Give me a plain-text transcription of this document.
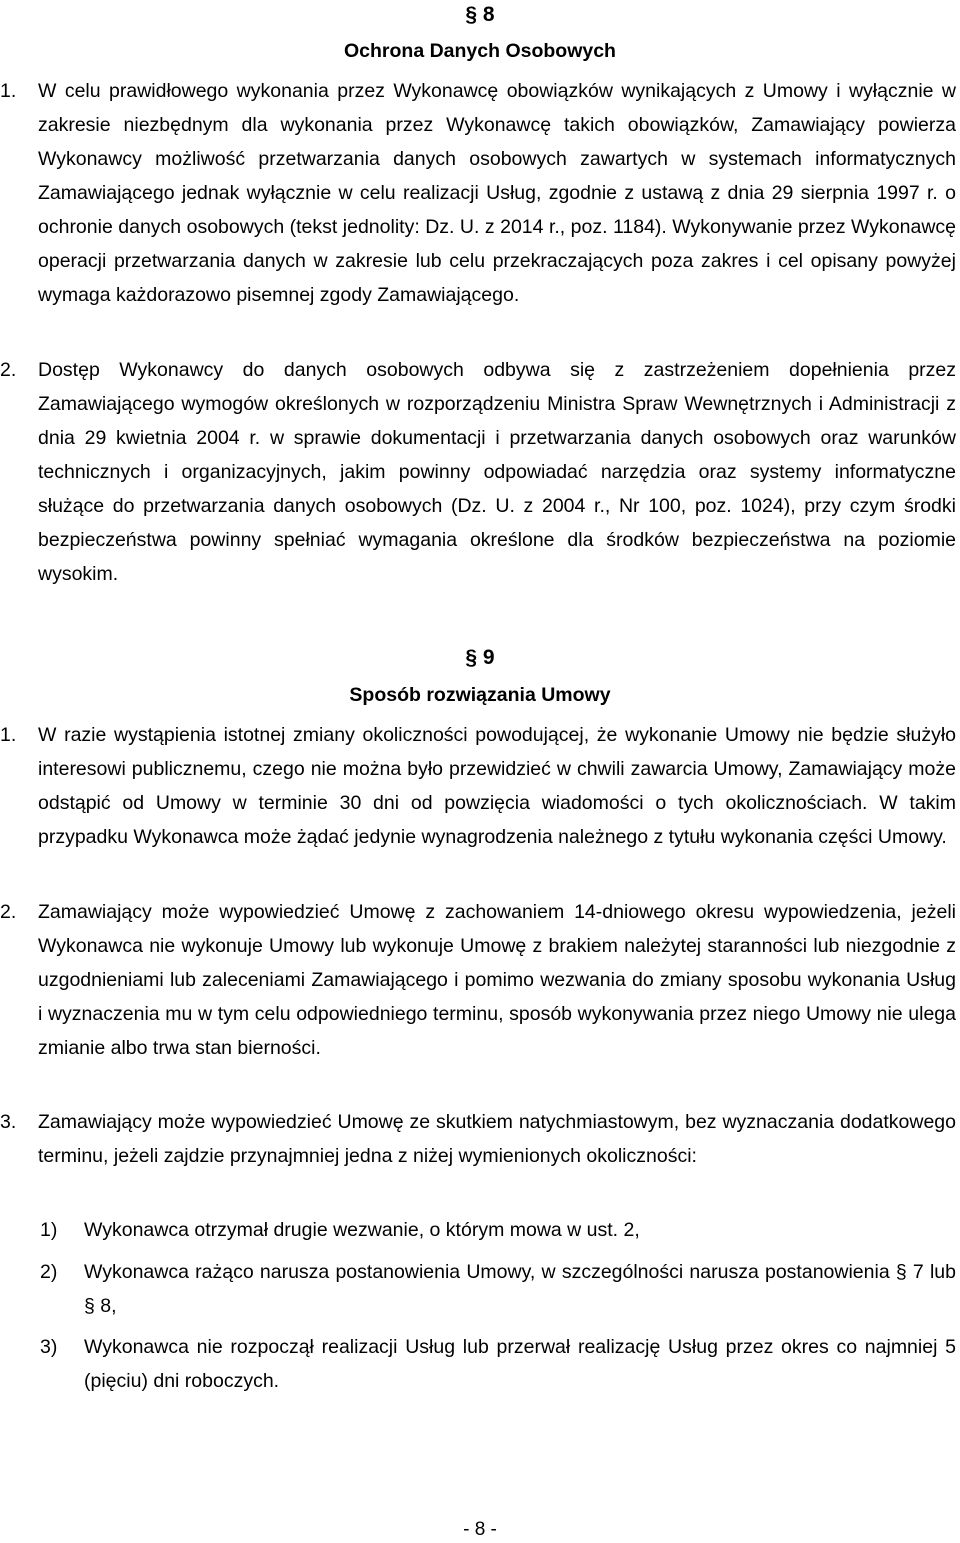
§ 8
Ochrona Danych Osobowych
1. W celu prawidłowego wykonania przez Wykonawcę obowiązków wynikających z Umowy i wyłącznie w zakresie niezbędnym dla wykonania przez Wykonawcę takich obowiązków, Zamawiający powierza Wykonawcy możliwość przetwarzania danych osobowych zawartych w systemach informatycznych Zamawiającego jednak wyłącznie w celu realizacji Usług, zgodnie z ustawą z dnia 29 sierpnia 1997 r. o ochronie danych osobowych (tekst jednolity: Dz. U. z 2014 r., poz. 1184). Wykonywanie przez Wykonawcę operacji przetwarzania danych w zakresie lub celu przekraczających poza zakres i cel opisany powyżej wymaga każdorazowo pisemnej zgody Zamawiającego.
2. Dostęp Wykonawcy do danych osobowych odbywa się z zastrzeżeniem dopełnienia przez Zamawiającego wymogów określonych w rozporządzeniu Ministra Spraw Wewnętrznych i Administracji z dnia 29 kwietnia 2004 r. w sprawie dokumentacji i przetwarzania danych osobowych oraz warunków technicznych i organizacyjnych, jakim powinny odpowiadać narzędzia oraz systemy informatyczne służące do przetwarzania danych osobowych (Dz. U. z 2004 r., Nr 100, poz. 1024), przy czym środki bezpieczeństwa powinny spełniać wymagania określone dla środków bezpieczeństwa na poziomie wysokim.
§ 9
Sposób rozwiązania Umowy
1. W razie wystąpienia istotnej zmiany okoliczności powodującej, że wykonanie Umowy nie będzie służyło interesowi publicznemu, czego nie można było przewidzieć w chwili zawarcia Umowy, Zamawiający może odstąpić od Umowy w terminie 30 dni od powzięcia wiadomości o tych okolicznościach. W takim przypadku Wykonawca może żądać jedynie wynagrodzenia należnego z tytułu wykonania części Umowy.
2. Zamawiający może wypowiedzieć Umowę z zachowaniem 14-dniowego okresu wypowiedzenia, jeżeli Wykonawca nie wykonuje Umowy lub wykonuje Umowę z brakiem należytej staranności lub niezgodnie z uzgodnieniami lub zaleceniami Zamawiającego i pomimo wezwania do zmiany sposobu wykonania Usług i wyznaczenia mu w tym celu odpowiedniego terminu, sposób wykonywania przez niego Umowy nie ulega zmianie albo trwa stan bierności.
3. Zamawiający może wypowiedzieć Umowę ze skutkiem natychmiastowym, bez wyznaczania dodatkowego terminu, jeżeli zajdzie przynajmniej jedna z niżej wymienionych okoliczności:
1) Wykonawca otrzymał drugie wezwanie, o którym mowa w ust. 2,
2) Wykonawca rażąco narusza postanowienia Umowy, w szczególności narusza postanowienia § 7 lub § 8,
3) Wykonawca nie rozpoczął realizacji Usług lub przerwał realizację Usług przez okres co najmniej 5 (pięciu) dni roboczych.
- 8 -
